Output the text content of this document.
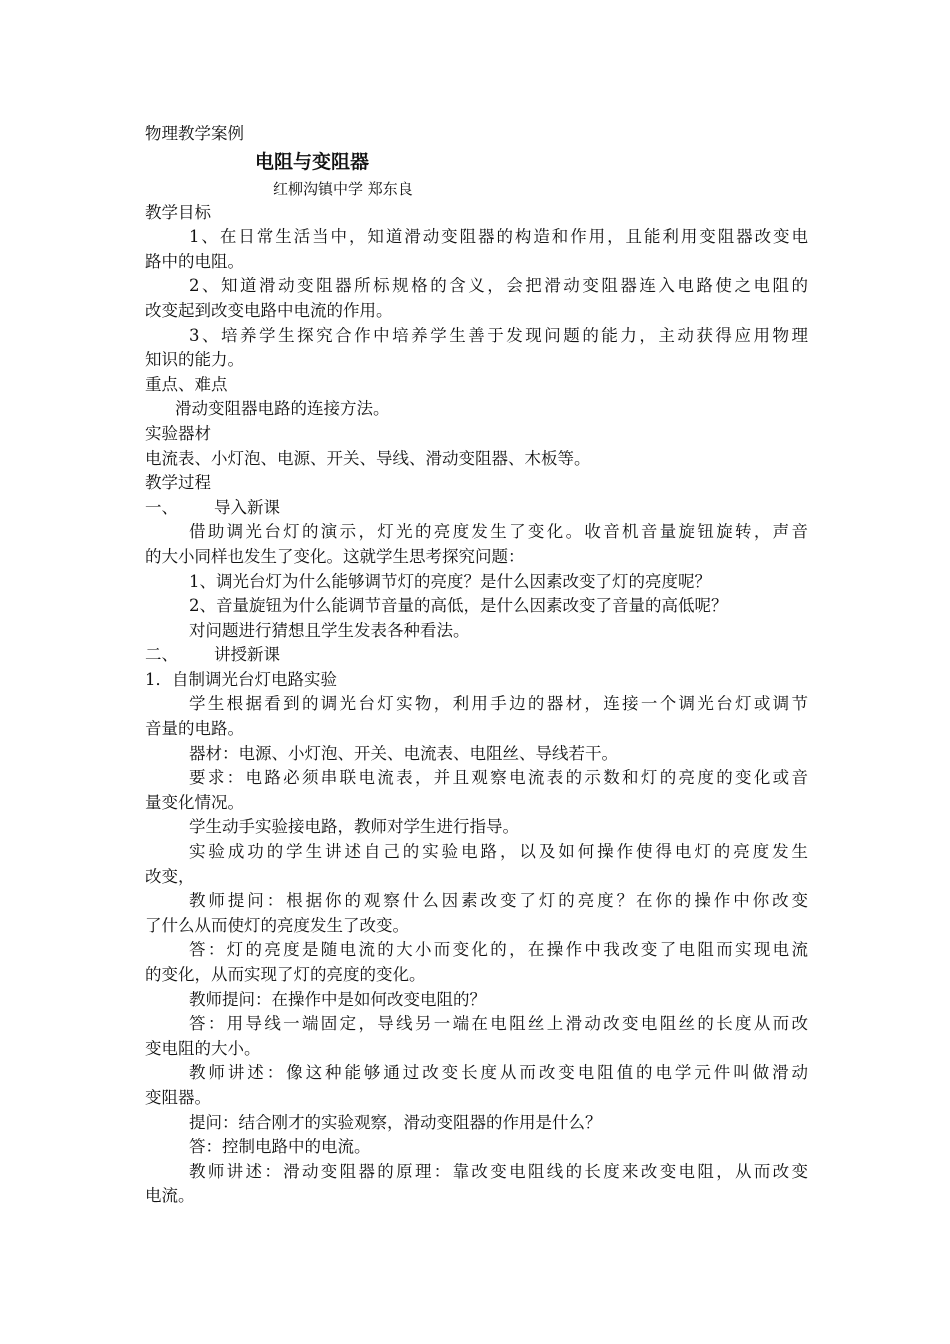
物理教学案例
电阻与变阻器
红柳沟镇中学 郑东良
教学目标
1、在日常生活当中，知道滑动变阻器的构造和作用，且能利用变阻器改变电
路中的电阻。
2、知道滑动变阻器所标规格的含义，会把滑动变阻器连入电路使之电阻的
改变起到改变电路中电流的作用。
3、培养学生探究合作中培养学生善于发现问题的能力，主动获得应用物理
知识的能力。
重点、难点
滑动变阻器电路的连接方法。
实验器材
电流表、小灯泡、电源、开关、导线、滑动变阻器、木板等。
教学过程
一、 导入新课
借助调光台灯的演示，灯光的亮度发生了变化。收音机音量旋钮旋转，声音
的大小同样也发生了变化。这就学生思考探究问题：
1、调光台灯为什么能够调节灯的亮度？是什么因素改变了灯的亮度呢？
2、音量旋钮为什么能调节音量的高低，是什么因素改变了音量的高低呢？
对问题进行猜想且学生发表各种看法。
二、 讲授新课
1．自制调光台灯电路实验
学生根据看到的调光台灯实物，利用手边的器材，连接一个调光台灯或调节
音量的电路。
器材：电源、小灯泡、开关、电流表、电阻丝、导线若干。
要求：电路必须串联电流表，并且观察电流表的示数和灯的亮度的变化或音
量变化情况。
学生动手实验接电路，教师对学生进行指导。
实验成功的学生讲述自己的实验电路，以及如何操作使得电灯的亮度发生
改变，
教师提问：根据你的观察什么因素改变了灯的亮度？在你的操作中你改变
了什么从而使灯的亮度发生了改变。
答：灯的亮度是随电流的大小而变化的，在操作中我改变了电阻而实现电流
的变化，从而实现了灯的亮度的变化。
教师提问：在操作中是如何改变电阻的？
答：用导线一端固定，导线另一端在电阻丝上滑动改变电阻丝的长度从而改
变电阻的大小。
教师讲述：像这种能够通过改变长度从而改变电阻值的电学元件叫做滑动
变阻器。
提问：结合刚才的实验观察，滑动变阻器的作用是什么？
答：控制电路中的电流。
教师讲述：滑动变阻器的原理：靠改变电阻线的长度来改变电阻，从而改变
电流。
